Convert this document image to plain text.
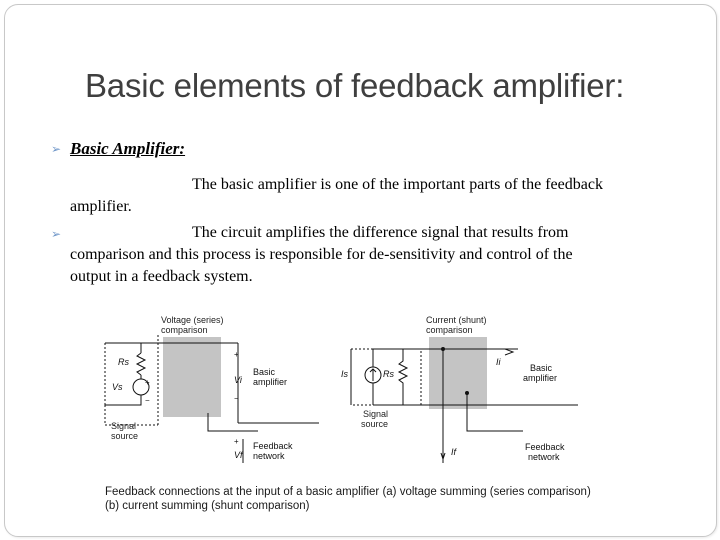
Basic elements of feedback amplifier:
➢ Basic Amplifier:
The basic amplifier is one of the important parts of the feedback
amplifier.
➢	The circuit amplifies the difference signal that results from
comparison and this process is responsible for de-sensitivity and control of the
output in a feedback system.
Voltage (series)
comparison
Rs
Vs	+
−
+
−
Vi
Basic
amplifier
+
Vf
Feedback
network
Signal
source
Current (shunt)
comparison
Is	Rs
Ii
If
Basic
amplifier
Feedback
network
Signal
source
Feedback connections at the input of a basic amplifier (a) voltage summing (series comparison)
(b) current summing (shunt comparison)
